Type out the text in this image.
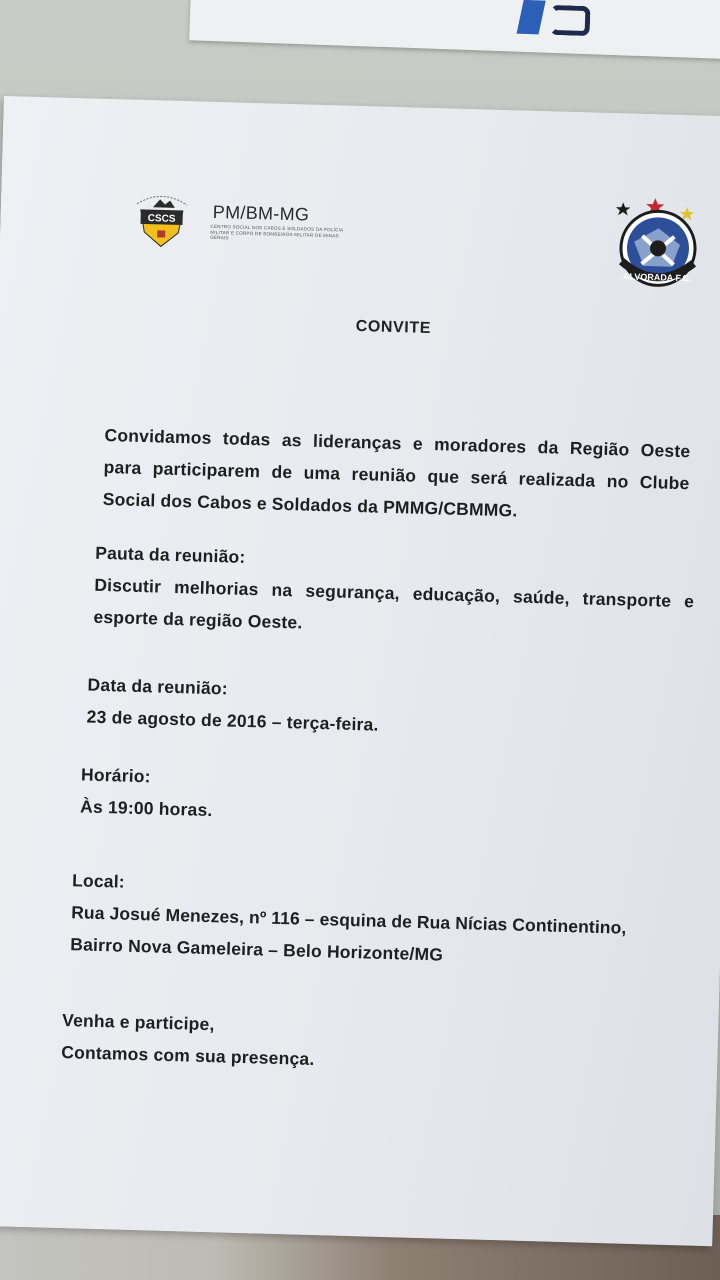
CSCS PM/BM-MG
CENTRO SOCIAL DOS CABOS E SOLDADOS DA POLÍCIA MILITAR E CORPO DE BOMBEIROS MILITAR DE MINAS GERAIS
ALVORADA F.C.
CONVITE
Convidamos todas as lideranças e moradores da Região Oeste
para participarem de uma reunião que será realizada no Clube
Social dos Cabos e Soldados da PMMG/CBMMG.
Pauta da reunião:
Discutir melhorias na segurança, educação, saúde, transporte e
esporte da região Oeste.
Data da reunião:
23 de agosto de 2016 – terça-feira.
Horário:
Às 19:00 horas.
Local:
Rua Josué Menezes, nº 116 – esquina de Rua Nícias Continentino,
Bairro Nova Gameleira – Belo Horizonte/MG
Venha e participe,
Contamos com sua presença.
